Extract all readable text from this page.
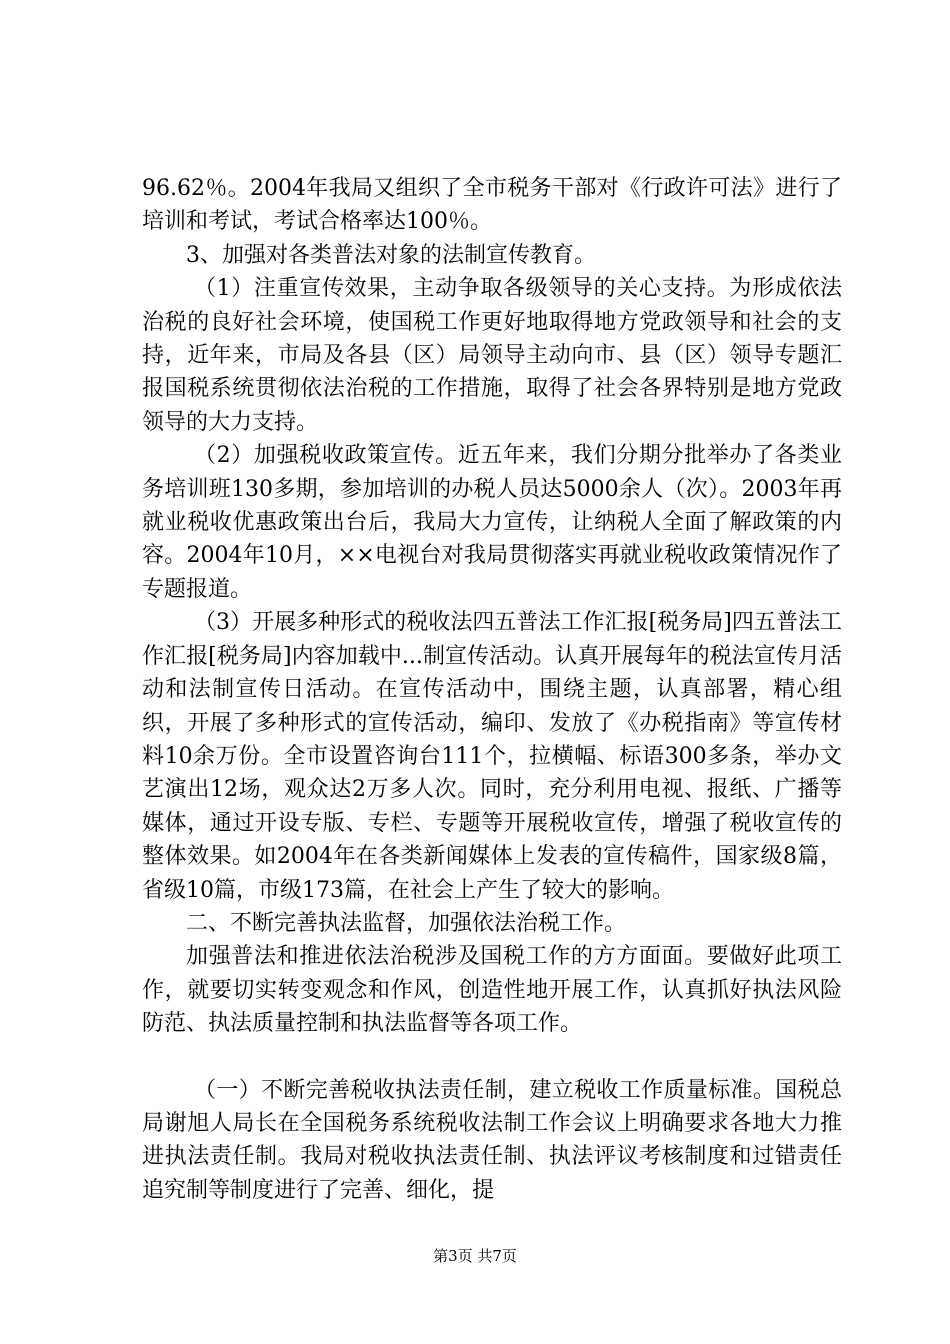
96.62％。2004年我局又组织了全市税务干部对《行政许可法》进行了培训和考试，考试合格率达100％。

3、加强对各类普法对象的法制宣传教育。

（1）注重宣传效果，主动争取各级领导的关心支持。为形成依法治税的良好社会环境，使国税工作更好地取得地方党政领导和社会的支持，近年来，市局及各县（区）局领导主动向市、县（区）领导专题汇报国税系统贯彻依法治税的工作措施，取得了社会各界特别是地方党政领导的大力支持。

（2）加强税收政策宣传。近五年来，我们分期分批举办了各类业务培训班130多期，参加培训的办税人员达5000余人（次）。2003年再就业税收优惠政策出台后，我局大力宣传，让纳税人全面了解政策的内容。2004年10月，××电视台对我局贯彻落实再就业税收政策情况作了专题报道。

（3）开展多种形式的税收法四五普法工作汇报[税务局]四五普法工作汇报[税务局]内容加载中...制宣传活动。认真开展每年的税法宣传月活动和法制宣传日活动。在宣传活动中，围绕主题，认真部署，精心组织，开展了多种形式的宣传活动，编印、发放了《办税指南》等宣传材料10余万份。全市设置咨询台111个，拉横幅、标语300多条，举办文艺演出12场，观众达2万多人次。同时，充分利用电视、报纸、广播等媒体，通过开设专版、专栏、专题等开展税收宣传，增强了税收宣传的整体效果。如2004年在各类新闻媒体上发表的宣传稿件，国家级8篇，省级10篇，市级173篇，在社会上产生了较大的影响。

二、不断完善执法监督，加强依法治税工作。

加强普法和推进依法治税涉及国税工作的方方面面。要做好此项工作，就要切实转变观念和作风，创造性地开展工作，认真抓好执法风险防范、执法质量控制和执法监督等各项工作。

（一）不断完善税收执法责任制，建立税收工作质量标准。国税总局谢旭人局长在全国税务系统税收法制工作会议上明确要求各地大力推进执法责任制。我局对税收执法责任制、执法评议考核制度和过错责任追究制等制度进行了完善、细化，提

第3页 共7页
